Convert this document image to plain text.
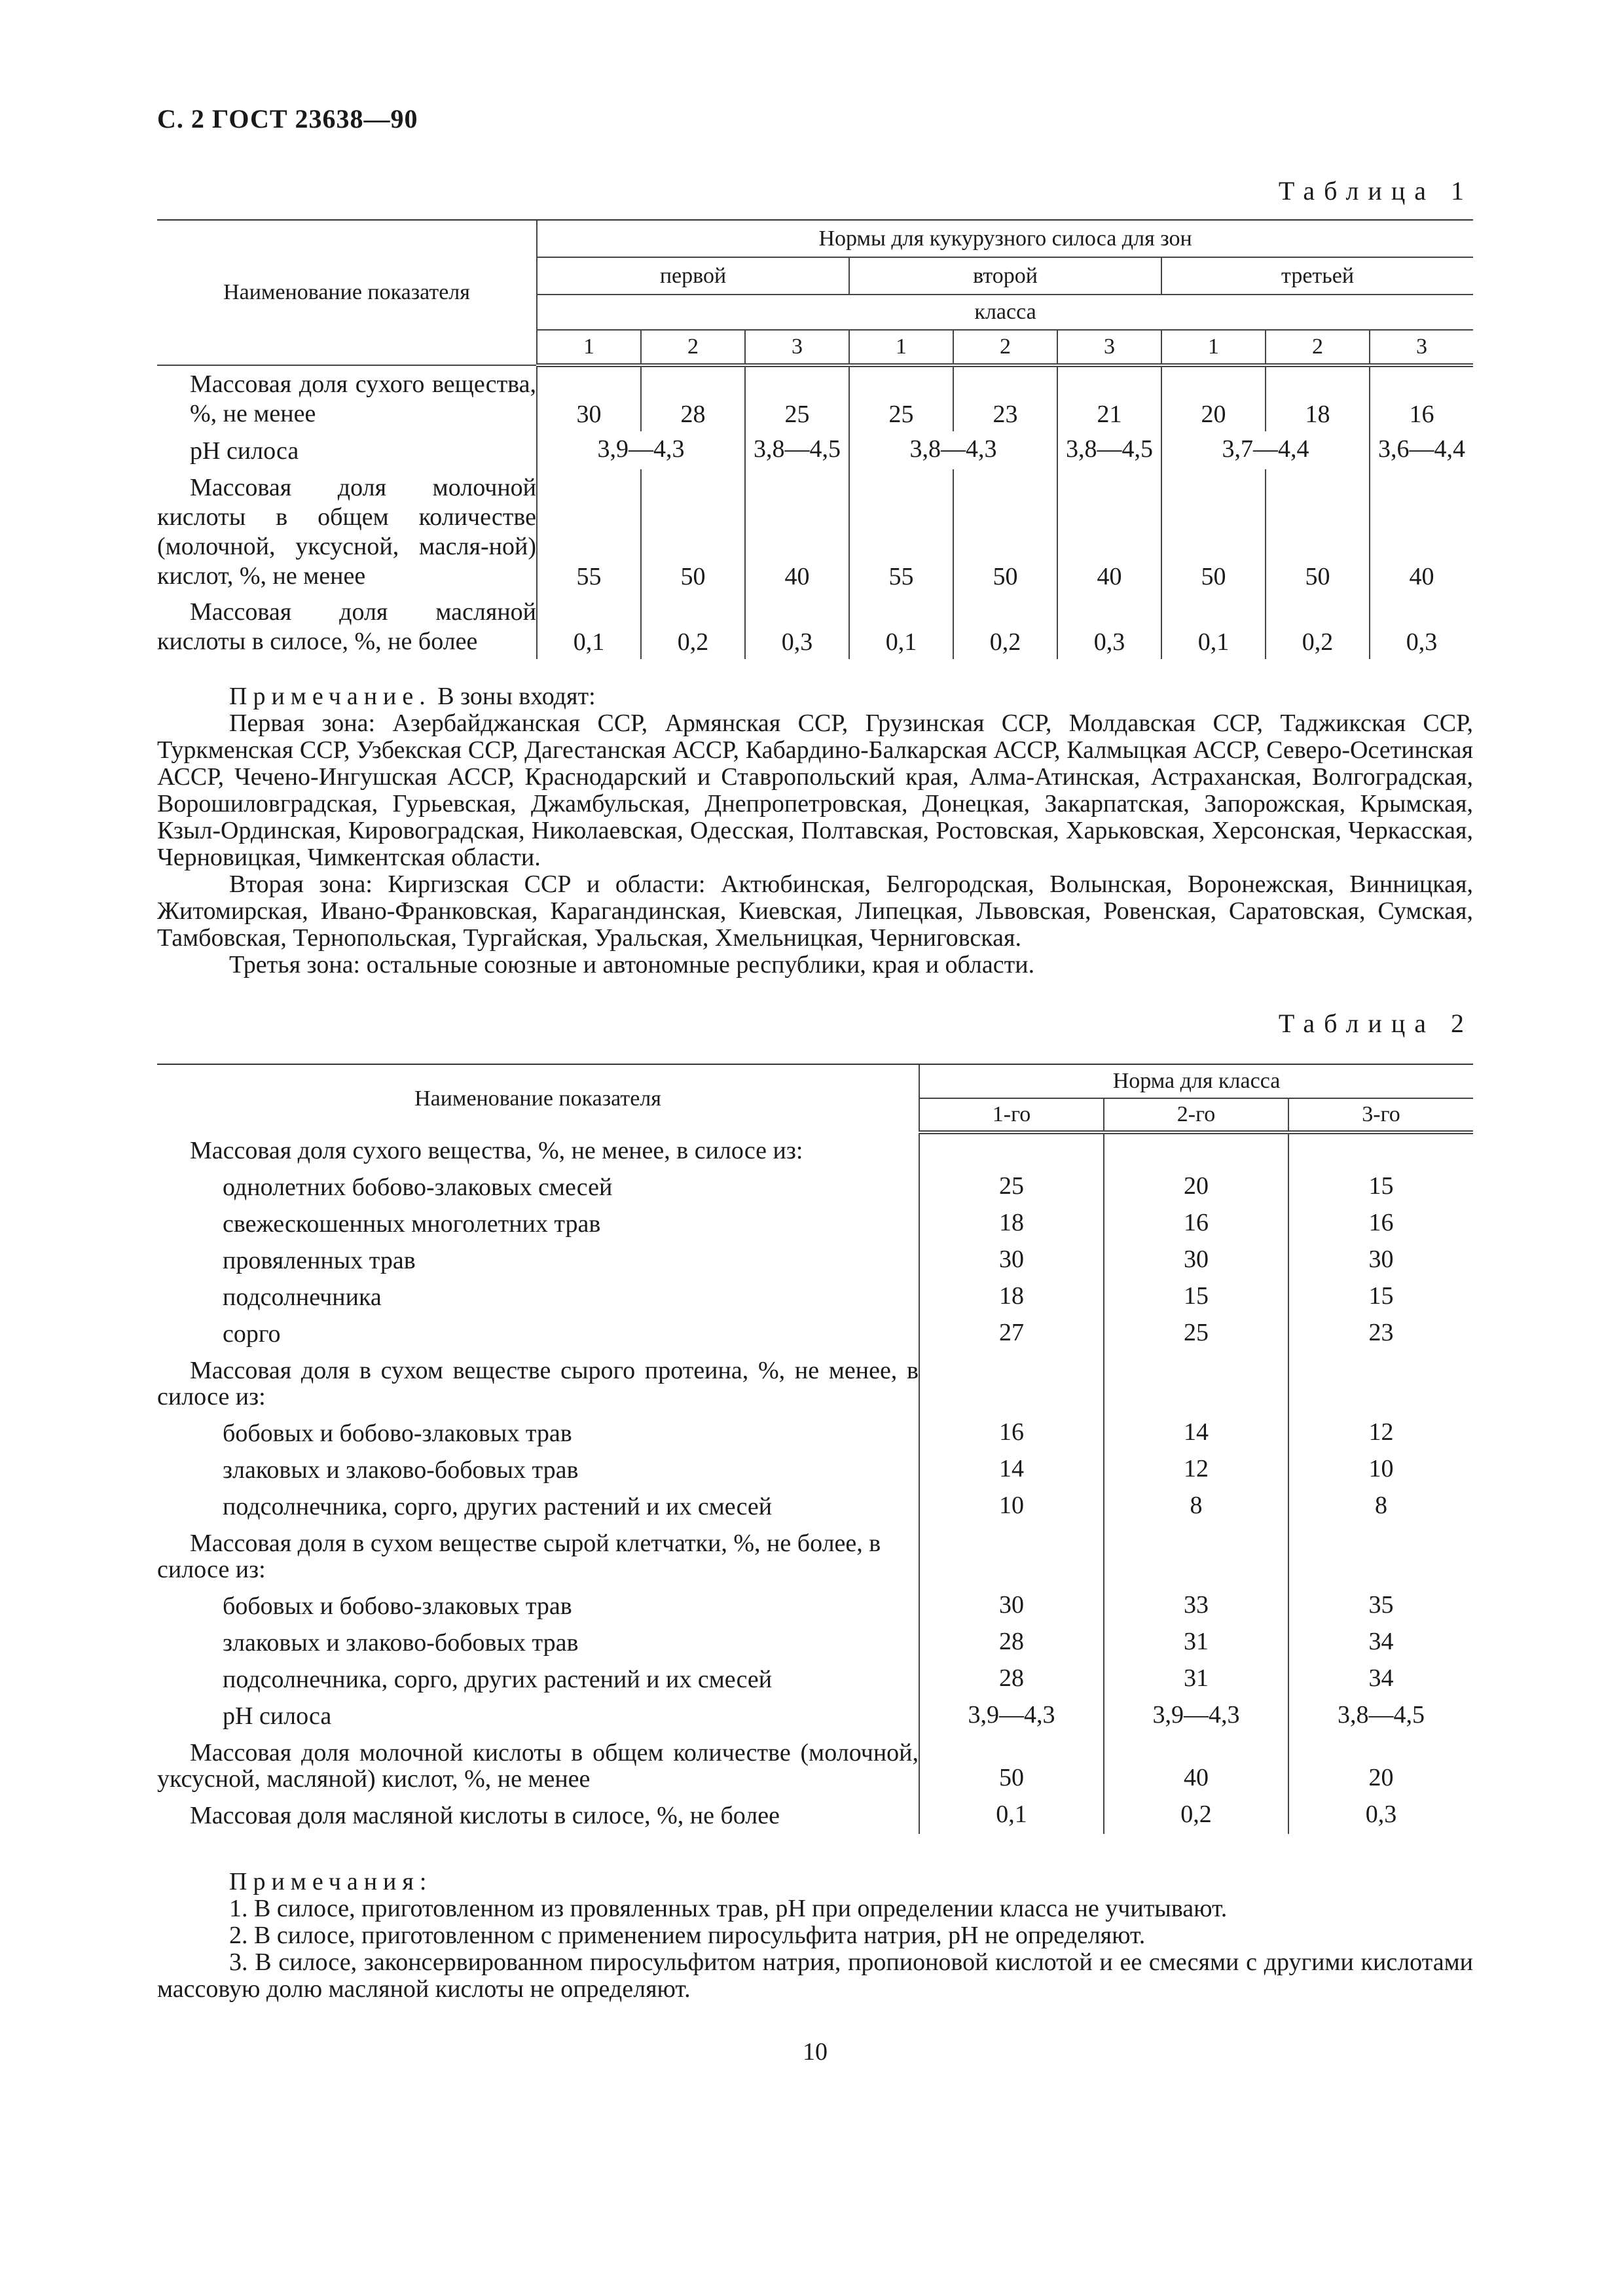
С. 2 ГОСТ 23638—90
Таблица 1
Наименование показателя	Нормы для кукурузного силоса для зон								
	первой			второй			третьей		
	класса								
	1	2	3	1	2	3	1	2	3

Массовая доля сухого вещества, %, не менее	30	28	25	25	23	21	20	18	16

рН силоса	3,9—4,3		3,8—4,5	3,8—4,3		3,8—4,5	3,7—4,4		3,6—4,4

Массовая доля молочной кислоты в общем количестве (молочной, уксусной, масля-ной) кислот, %, не менее	55	50	40	55	50	40	50	50	40

Массовая доля масляной кислоты в силосе, %, не более	0,1	0,2	0,3	0,1	0,2	0,3	0,1	0,2	0,3

Примечание. В зоны входят:

Первая зона: Азербайджанская ССР, Армянская ССР, Грузинская ССР, Молдавская ССР, Таджикская ССР, Туркменская ССР, Узбекская ССР, Дагестанская АССР, Кабардино-Балкарская АССР, Калмыцкая АССР, Северо-Осетинская АССР, Чечено-Ингушская АССР, Краснодарский и Ставропольский края, Алма-Атинская, Астраханская, Волгоградская, Ворошиловградская, Гурьевская, Джамбульская, Днепропетровская, Донецкая, Закарпатская, Запорожская, Крымская, Кзыл-Ординская, Кировоградская, Николаевская, Одесская, Полтавская, Ростовская, Харьковская, Херсонская, Черкасская, Черновицкая, Чимкентская области.

Вторая зона: Киргизская ССР и области: Актюбинская, Белгородская, Волынская, Воронежская, Винницкая, Житомирская, Ивано-Франковская, Карагандинская, Киевская, Липецкая, Львовская, Ровенская, Саратовская, Сумская, Тамбовская, Тернопольская, Тургайская, Уральская, Хмельницкая, Черниговская.

Третья зона: остальные союзные и автономные республики, края и области.

Таблица 2
Наименование показателя	Норма для класса		
	1-го	2-го	3-го
Массовая доля сухого вещества, %, не менее, в силосе из:			
однолетних бобово-злаковых смесей	25	20	15
свежескошенных многолетних трав	18	16	16
провяленных трав	30	30	30
подсолнечника	18	15	15
сорго	27	25	23
Массовая доля в сухом веществе сырого протеина, %, не менее, в силосе из:			
бобовых и бобово-злаковых трав	16	14	12
злаковых и злаково-бобовых трав	14	12	10
подсолнечника, сорго, других растений и их смесей	10	8	8
Массовая доля в сухом веществе сырой клетчатки, %, не более, в силосе из:			
бобовых и бобово-злаковых трав	30	33	35
злаковых и злаково-бобовых трав	28	31	34
подсолнечника, сорго, других растений и их смесей	28	31	34
рН силоса	3,9—4,3	3,9—4,3	3,8—4,5
Массовая доля молочной кислоты в общем количестве (молочной, уксусной, масляной) кислот, %, не менее	50	40	20
Массовая доля масляной кислоты в силосе, %, не более	0,1	0,2	0,3

Примечания:

1. В силосе, приготовленном из провяленных трав, рН при определении класса не учитывают.

2. В силосе, приготовленном с применением пиросульфита натрия, рН не определяют.

3. В силосе, законсервированном пиросульфитом натрия, пропионовой кислотой и ее смесями с другими кислотами массовую долю масляной кислоты не определяют.

10
